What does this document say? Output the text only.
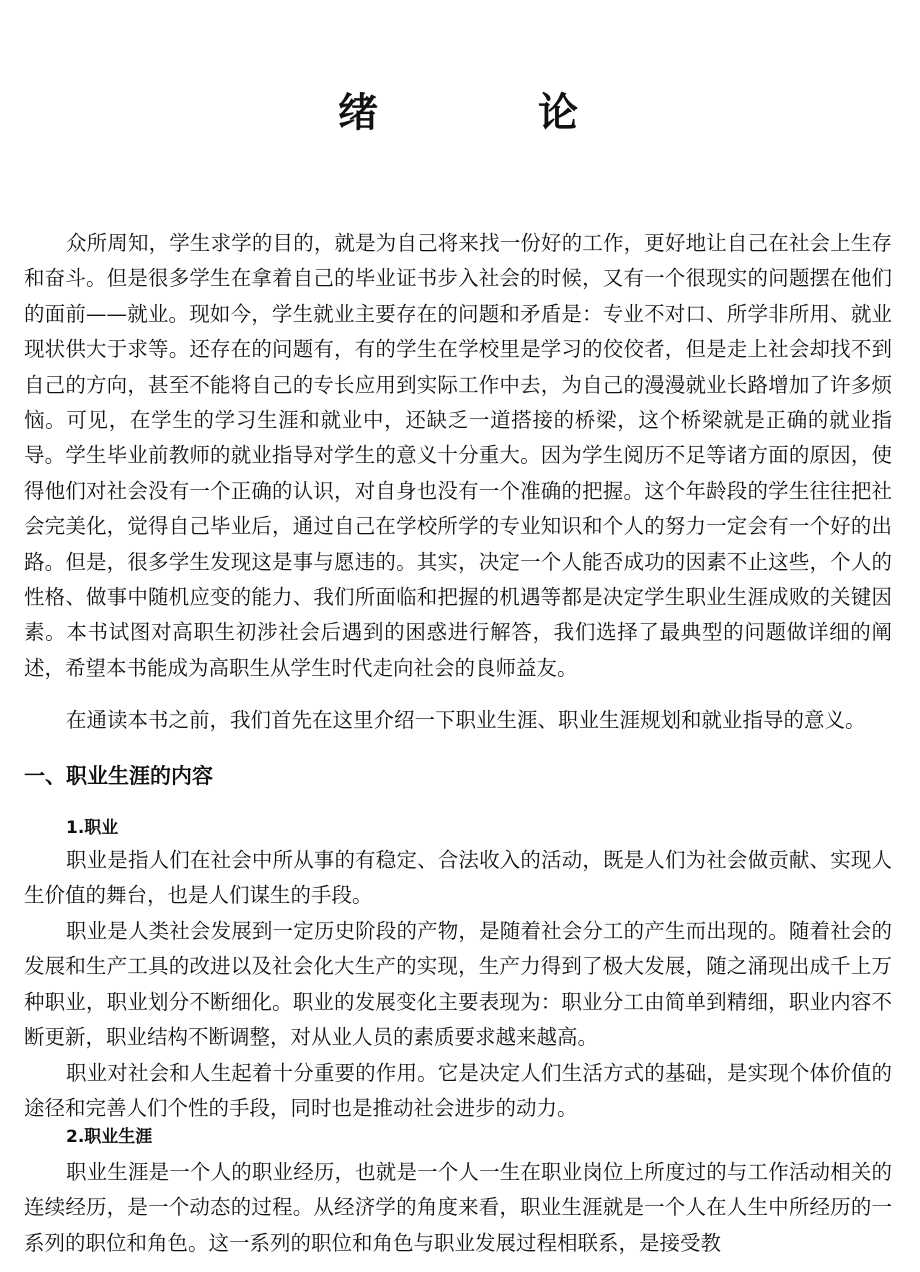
绪　论

众所周知，学生求学的目的，就是为自己将来找一份好的工作，更好地让自己在社会上生存和奋斗。但是很多学生在拿着自己的毕业证书步入社会的时候，又有一个很现实的问题摆在他们的面前——就业。现如今，学生就业主要存在的问题和矛盾是：专业不对口、所学非所用、就业现状供大于求等。还存在的问题有，有的学生在学校里是学习的佼佼者，但是走上社会却找不到自己的方向，甚至不能将自己的专长应用到实际工作中去，为自己的漫漫就业长路增加了许多烦恼。可见，在学生的学习生涯和就业中，还缺乏一道搭接的桥梁，这个桥梁就是正确的就业指导。学生毕业前教师的就业指导对学生的意义十分重大。因为学生阅历不足等诸方面的原因，使得他们对社会没有一个正确的认识，对自身也没有一个准确的把握。这个年龄段的学生往往把社会完美化，觉得自己毕业后，通过自己在学校所学的专业知识和个人的努力一定会有一个好的出路。但是，很多学生发现这是事与愿违的。其实，决定一个人能否成功的因素不止这些，个人的性格、做事中随机应变的能力、我们所面临和把握的机遇等都是决定学生职业生涯成败的关键因素。本书试图对高职生初涉社会后遇到的困惑进行解答，我们选择了最典型的问题做详细的阐述，希望本书能成为高职生从学生时代走向社会的良师益友。

在通读本书之前，我们首先在这里介绍一下职业生涯、职业生涯规划和就业指导的意义。

一、职业生涯的内容
1.职业

职业是指人们在社会中所从事的有稳定、合法收入的活动，既是人们为社会做贡献、实现人生价值的舞台，也是人们谋生的手段。

职业是人类社会发展到一定历史阶段的产物，是随着社会分工的产生而出现的。随着社会的发展和生产工具的改进以及社会化大生产的实现，生产力得到了极大发展，随之涌现出成千上万种职业，职业划分不断细化。职业的发展变化主要表现为：职业分工由简单到精细，职业内容不断更新，职业结构不断调整，对从业人员的素质要求越来越高。

职业对社会和人生起着十分重要的作用。它是决定人们生活方式的基础，是实现个体价值的途径和完善人们个性的手段，同时也是推动社会进步的动力。

2.职业生涯

职业生涯是一个人的职业经历，也就是一个人一生在职业岗位上所度过的与工作活动相关的连续经历，是一个动态的过程。从经济学的角度来看，职业生涯就是一个人在人生中所经历的一系列的职位和角色。这一系列的职位和角色与职业发展过程相联系，是接受教
